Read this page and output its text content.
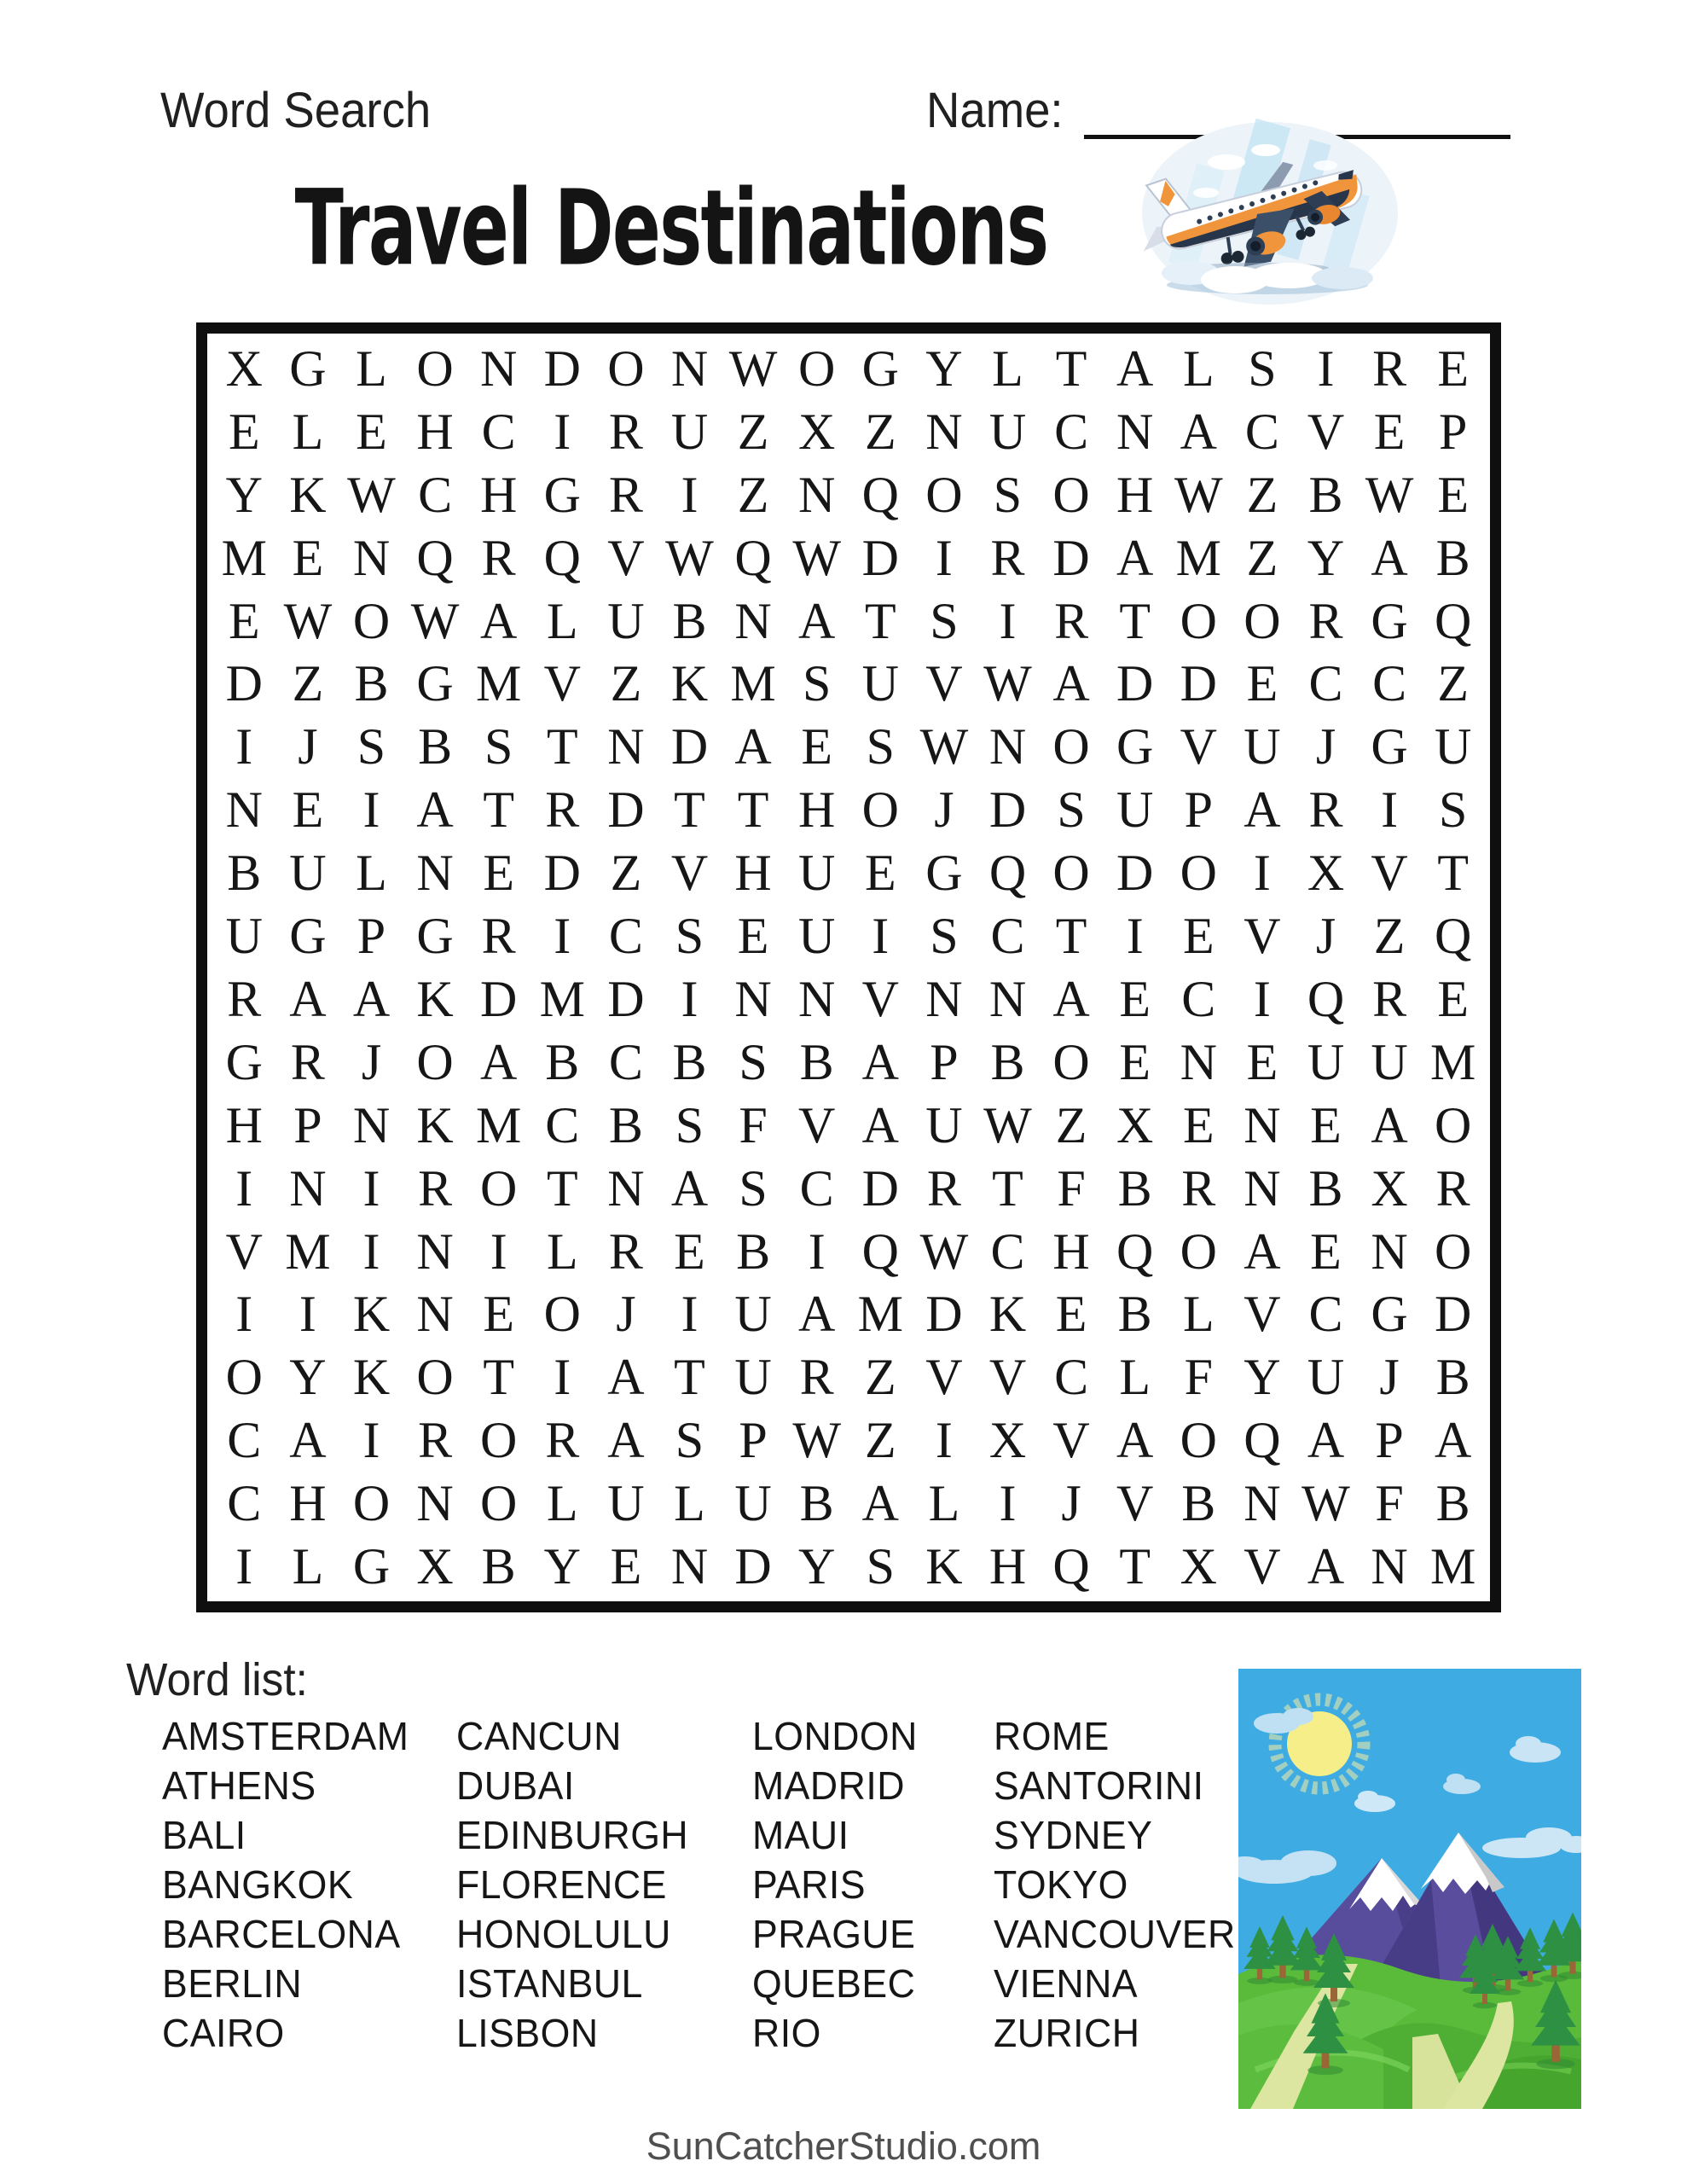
Word Search	Name:
Travel Destinations
X G L O N D O N W O G Y L T A L S I R E
E L E H C I R U Z X Z N U C N A C V E P
Y K W C H G R I Z N Q O S O H W Z B W E
M E N Q R Q V W Q W D I R D A M Z Y A B
E W O W A L U B N A T S I R T O O R G Q
D Z B G M V Z K M S U V W A D D E C C Z
I J S B S T N D A E S W N O G V U J G U
N E I A T R D T T H O J D S U P A R I S
B U L N E D Z V H U E G Q O D O I X V T
U G P G R I C S E U I S C T I E V J Z Q
R A A K D M D I N N V N N A E C I Q R E
G R J O A B C B S B A P B O E N E U U M
H P N K M C B S F V A U W Z X E N E A O
I N I R O T N A S C D R T F B R N B X R
V M I N I L R E B I Q W C H Q O A E N O
I I K N E O J I U A M D K E B L V C G D
O Y K O T I A T U R Z V V C L F Y U J B
C A I R O R A S P W Z I X V A O Q A P A
C H O N O L U L U B A L I J V B N W F B
I L G X B Y E N D Y S K H Q T X V A N M
Word list:
AMSTERDAM
ATHENS
BALI
BANGKOK
BARCELONA
BERLIN
CAIRO
CANCUN
DUBAI
EDINBURGH
FLORENCE
HONOLULU
ISTANBUL
LISBON
LONDON
MADRID
MAUI
PARIS
PRAGUE
QUEBEC
RIO
ROME
SANTORINI
SYDNEY
TOKYO
VANCOUVER
VIENNA
ZURICH
SunCatcherStudio.com
